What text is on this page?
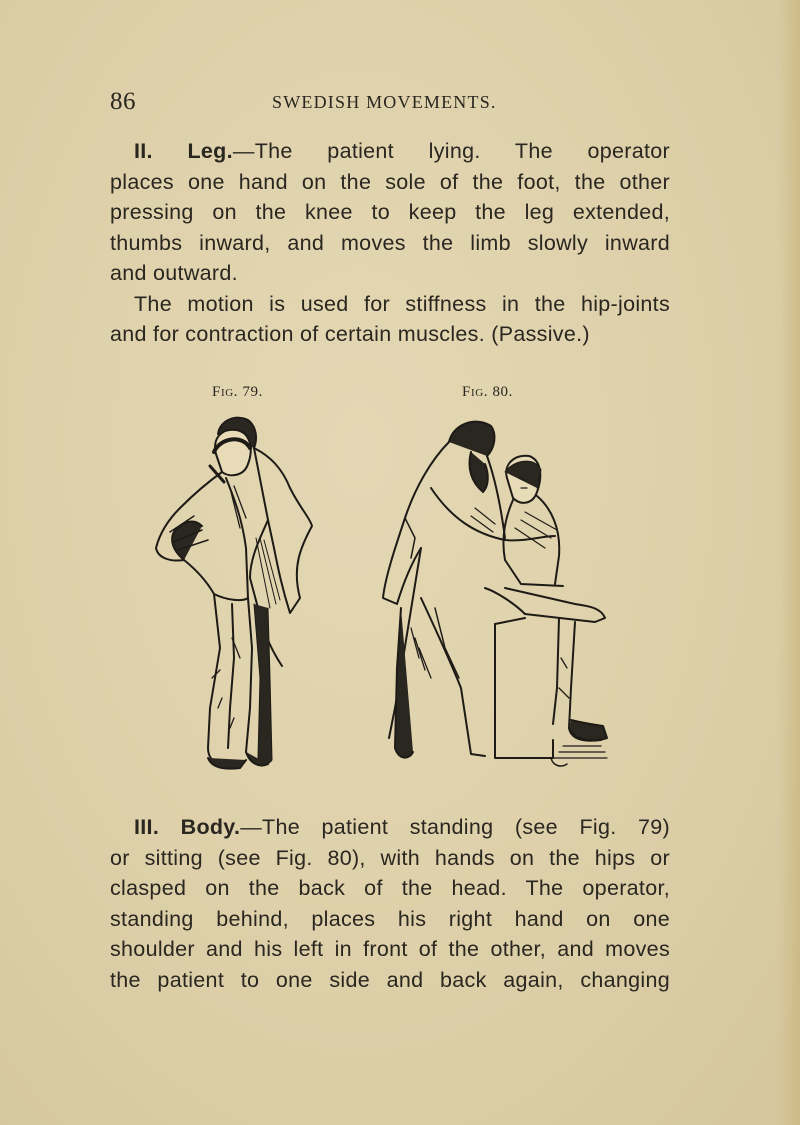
86	SWEDISH MOVEMENTS.
II. Leg.—The patient lying. The operator
places one hand on the sole of the foot, the other
pressing on the knee to keep the leg extended,
thumbs inward, and moves the limb slowly inward
and outward.
The motion is used for stiffness in the hip-joints
and for contraction of certain muscles. (Passive.)
Fig. 79.	Fig. 80.
III. Body.—The patient standing (see Fig. 79)
or sitting (see Fig. 80), with hands on the hips or
clasped on the back of the head. The operator,
standing behind, places his right hand on one
shoulder and his left in front of the other, and moves
the patient to one side and back again, changing
